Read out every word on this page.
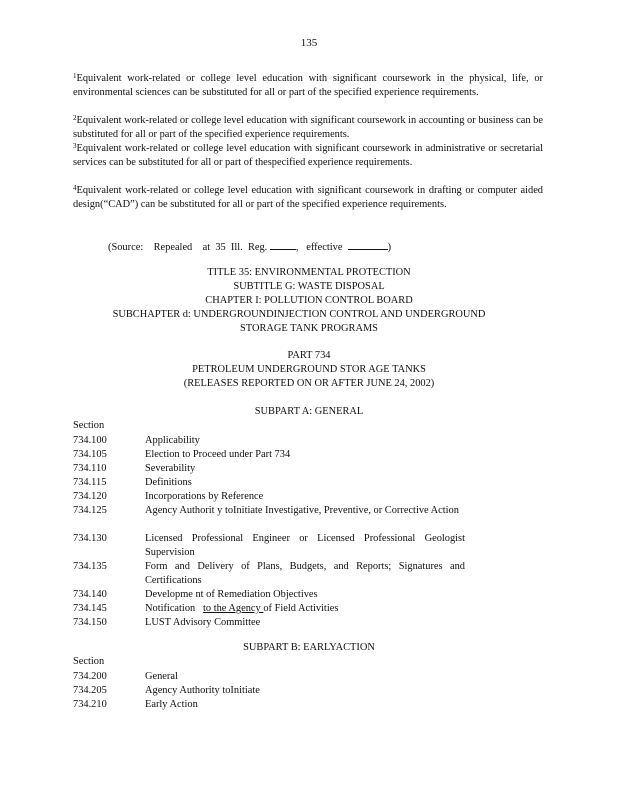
135
$^1$Equivalent work-related or college level education with significant coursework in the physical, life, or environmental sciences can be substituted for all or part of the specified experience requirements.
$^2$Equivalent work-related or college level education with significant coursework in accounting or business can be substituted for all or part of the specified experience requirements.
$^3$Equivalent work-related or college level education with significant coursework in administrative or secretarial services can be substituted for all or part of thespecified experience requirements.
$^4$Equivalent work-related or college level education with significant coursework in drafting or computer aided design(“CAD”) can be substituted for all or part of the specified experience requirements.
(Source:    Repealed    at  35  Ill.  Reg.	,   effective	)
TITLE 35: ENVIRONMENTAL PROTECTION
SUBTITLE G: WASTE DISPOSAL
CHAPTER I: POLLUTION CONTROL BOARD
SUBCHAPTER d: UNDERGROUNDINJECTION CONTROL AND UNDERGROUND
STORAGE TANK PROGRAMS
PART 734
PETROLEUM UNDERGROUND STOR AGE TANKS
(RELEASES REPORTED ON OR AFTER JUNE 24, 2002)
SUBPART A: GENERAL
Section
734.100	Applicability
734.105	Election to Proceed under Part 734
734.110	Severability
734.115	Definitions
734.120	Incorporations by Reference
734.125	Agency Authorit y toInitiate Investigative, Preventive, or Corrective Action
734.130	Licensed Professional Engineer or Licensed Professional Geologist Supervision
734.135	Form and Delivery of Plans, Budgets, and Reports; Signatures and Certifications
734.140	Developme nt of Remediation Objectives
734.145	Notification   to the Agency of Field Activities
734.150	LUST Advisory Committee
SUBPART B: EARLYACTION
Section
734.200	General
734.205	Agency Authority toInitiate
734.210	Early Action
